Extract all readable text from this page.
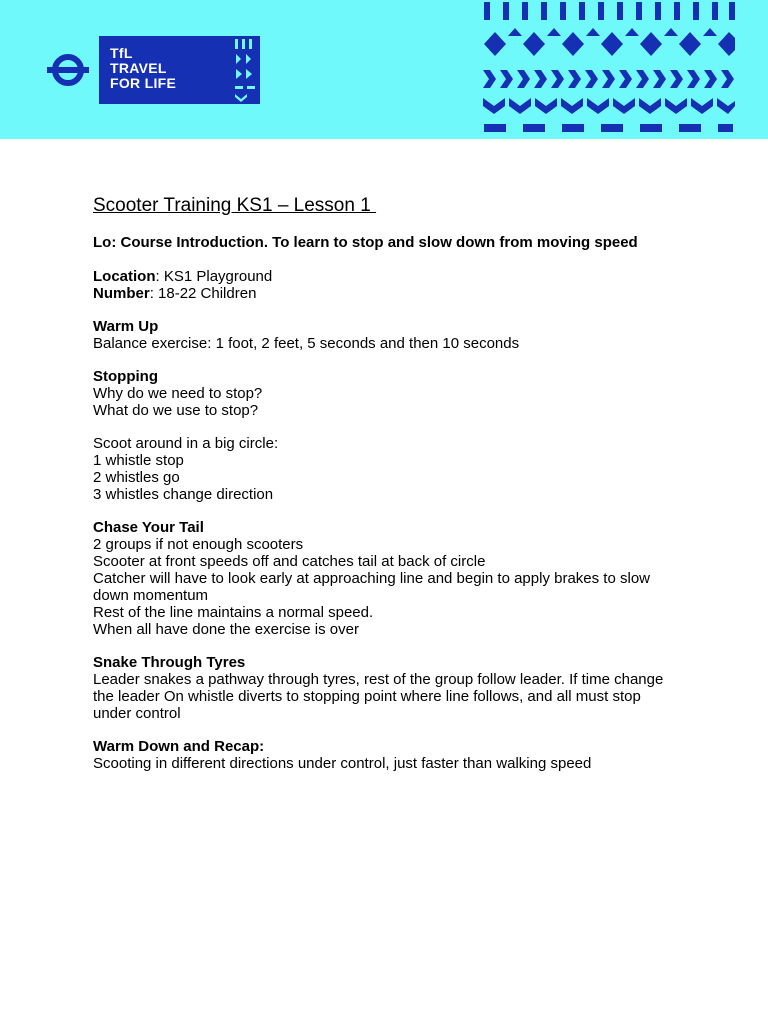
TfL
TRAVEL
FOR LIFE
Scooter Training KS1 – Lesson 1
Lo: Course Introduction. To learn to stop and slow down from moving speed
Location: KS1 Playground
Number: 18-22 Children
Warm Up
Balance exercise: 1 foot, 2 feet, 5 seconds and then 10 seconds
Stopping
Why do we need to stop?
What do we use to stop?
Scoot around in a big circle:
1 whistle stop
2 whistles go
3 whistles change direction
Chase Your Tail
2 groups if not enough scooters
Scooter at front speeds off and catches tail at back of circle
Catcher will have to look early at approaching line and begin to apply brakes to slow down momentum
Rest of the line maintains a normal speed.
When all have done the exercise is over
Snake Through Tyres
Leader snakes a pathway through tyres, rest of the group follow leader. If time change the leader On whistle diverts to stopping point where line follows, and all must stop under control
Warm Down and Recap:
Scooting in different directions under control, just faster than walking speed
